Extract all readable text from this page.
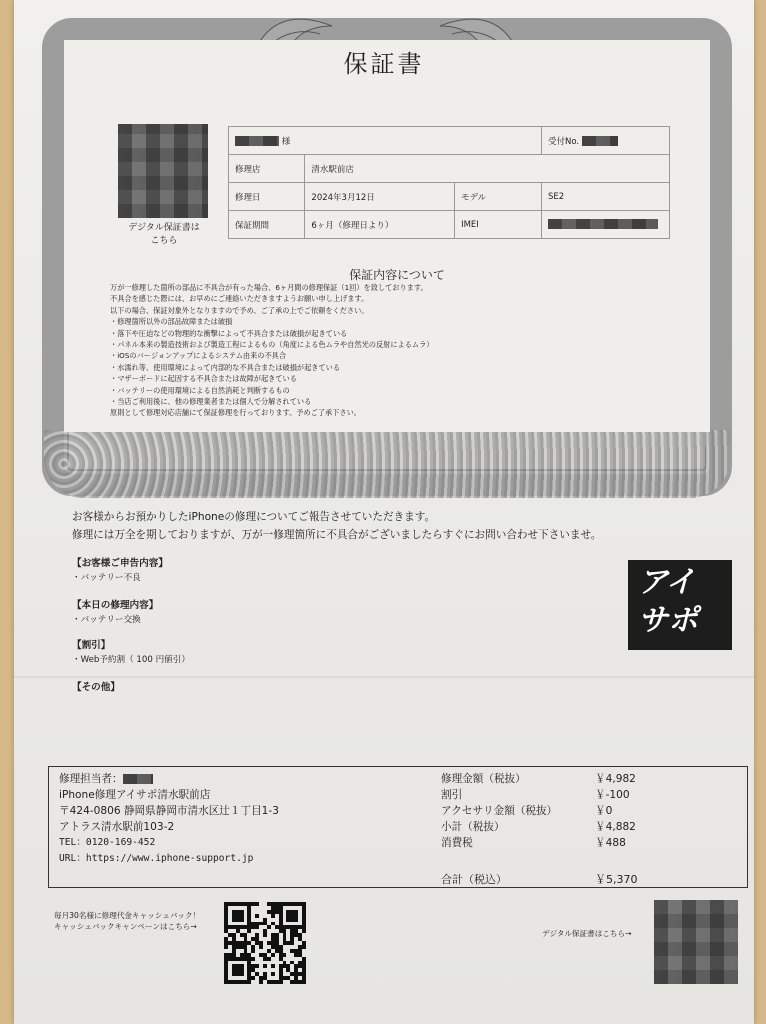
保証書
デジタル保証書は
こちら
様			受付No.
修理店	清水駅前店		
修理日	2024年3月12日	モデル	SE2
保証期間	6ヶ月（修理日より）	IMEI	
保証内容について
万が一修理した箇所の部品に不具合が有った場合、6ヶ月間の修理保証（1回）を致しております。
不具合を感じた際には、お早めにご連絡いただきますようお願い申し上げます。
以下の場合、保証対象外となりますので予め、ご了承の上でご依頼をください。
・修理箇所以外の部品故障または破損
・落下や圧迫などの物理的な衝撃によって不具合または破損が起きている
・パネル本来の製造技術および製造工程によるもの（角度による色ムラや自然光の反射によるムラ）
・iOSのバージョンアップによるシステム由来の不具合
・水濡れ等、使用環境によって内部的な不具合または破損が起きている
・マザーボードに起因する不具合または故障が起きている
・バッテリーの使用環境による自然消耗と判断するもの
・当店ご利用後に、他の修理業者または個人で分解されている
原則として修理対応店舗にて保証修理を行っております。予めご了承下さい。
お客様からお預かりしたiPhoneの修理についてご報告させていただきます。
修理には万全を期しておりますが、万が一修理箇所に不具合がございましたらすぐにお問い合わせ下さいませ。
【お客様ご申告内容】
・バッテリー不良
【本日の修理内容】
・バッテリー交換
【割引】
・Web予約割（ 100 円値引）
【その他】
アイ
サポ
修理担当者：
iPhone修理アイサポ清水駅前店
〒424-0806 静岡県静岡市清水区辻１丁目1-3
アトラス清水駅前103-2
TEL：0120-169-452
URL：https://www.iphone-support.jp
修理金額（税抜）	￥4,982
割引	￥-100
アクセサリ金額（税抜）	￥0
小計（税抜）	￥4,882
消費税	￥488
合計（税込）	￥5,370
毎月30名様に修理代金キャッシュバック！
キャッシュバックキャンペーンはこちら→
デジタル保証書はこちら→
